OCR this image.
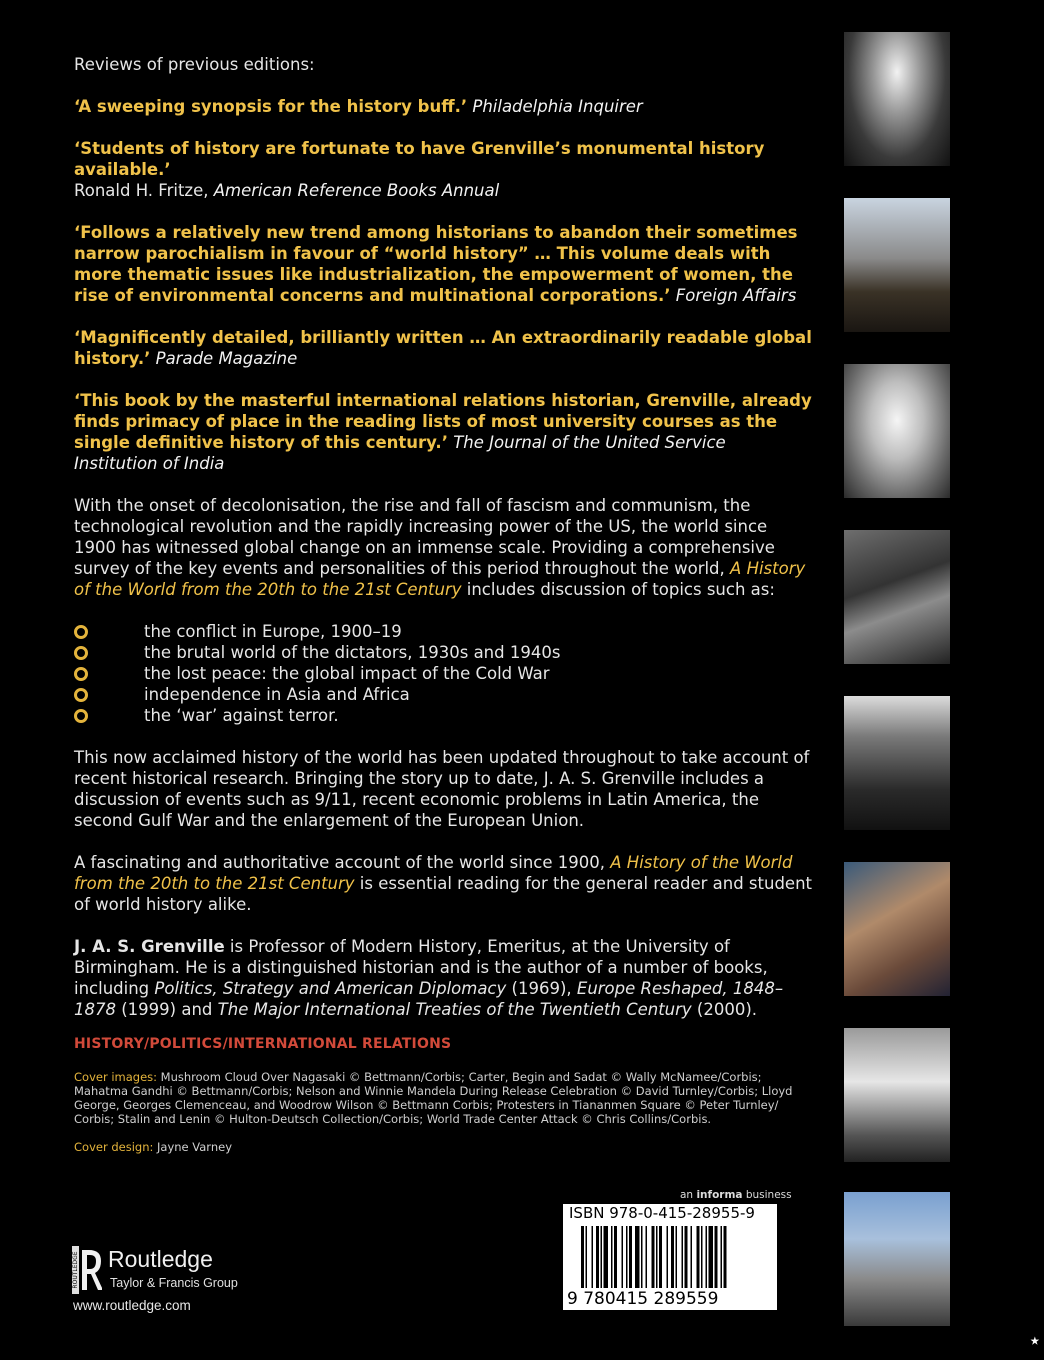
Reviews of previous editions:

‘A sweeping synopsis for the history buff.’ Philadelphia Inquirer

‘Students of history are fortunate to have Grenville’s monumental history available.’
Ronald H. Fritze, American Reference Books Annual

‘Follows a relatively new trend among historians to abandon their sometimes narrow parochialism in favour of “world history” … This volume deals with more thematic issues like industrialization, the empowerment of women, the rise of environmental concerns and multinational corporations.’ Foreign Affairs

‘Magnificently detailed, brilliantly written … An extraordinarily readable global history.’ Parade Magazine

‘This book by the masterful international relations historian, Grenville, already finds primacy of place in the reading lists of most university courses as the single definitive history of this century.’ The Journal of the United Service Institution of India

With the onset of decolonisation, the rise and fall of fascism and communism, the technological revolution and the rapidly increasing power of the US, the world since 1900 has witnessed global change on an immense scale. Providing a comprehensive survey of the key events and personalities of this period throughout the world, A History of the World from the 20th to the 21st Century includes discussion of topics such as:

the conflict in Europe, 1900–19
the brutal world of the dictators, 1930s and 1940s
the lost peace: the global impact of the Cold War
independence in Asia and Africa
the ‘war’ against terror.

This now acclaimed history of the world has been updated throughout to take account of recent historical research. Bringing the story up to date, J. A. S. Grenville includes a discussion of events such as 9/11, recent economic problems in Latin America, the second Gulf War and the enlargement of the European Union.

A fascinating and authoritative account of the world since 1900, A History of the World from the 20th to the 21st Century is essential reading for the general reader and student of world history alike.

J. A. S. Grenville is Professor of Modern History, Emeritus, at the University of Birmingham. He is a distinguished historian and is the author of a number of books, including Politics, Strategy and American Diplomacy (1969), Europe Reshaped, 1848–1878 (1999) and The Major International Treaties of the Twentieth Century (2000).

HISTORY/POLITICS/INTERNATIONAL RELATIONS

Cover images: Mushroom Cloud Over Nagasaki © Bettmann/Corbis; Carter, Begin and Sadat © Wally McNamee/Corbis; Mahatma Gandhi © Bettmann/Corbis; Nelson and Winnie Mandela During Release Celebration © David Turnley/Corbis; Lloyd George, Georges Clemenceau, and Woodrow Wilson © Bettmann Corbis; Protesters in Tiananmen Square © Peter Turnley/ Corbis; Stalin and Lenin © Hulton-Deutsch Collection/Corbis; World Trade Center Attack © Chris Collins/Corbis.

Cover design: Jayne Varney

an informa business
ISBN 978-0-415-28955-9
9 780415 289559
ROUTLEDGE Routledge
Taylor & Francis Group
www.routledge.com
⭑
